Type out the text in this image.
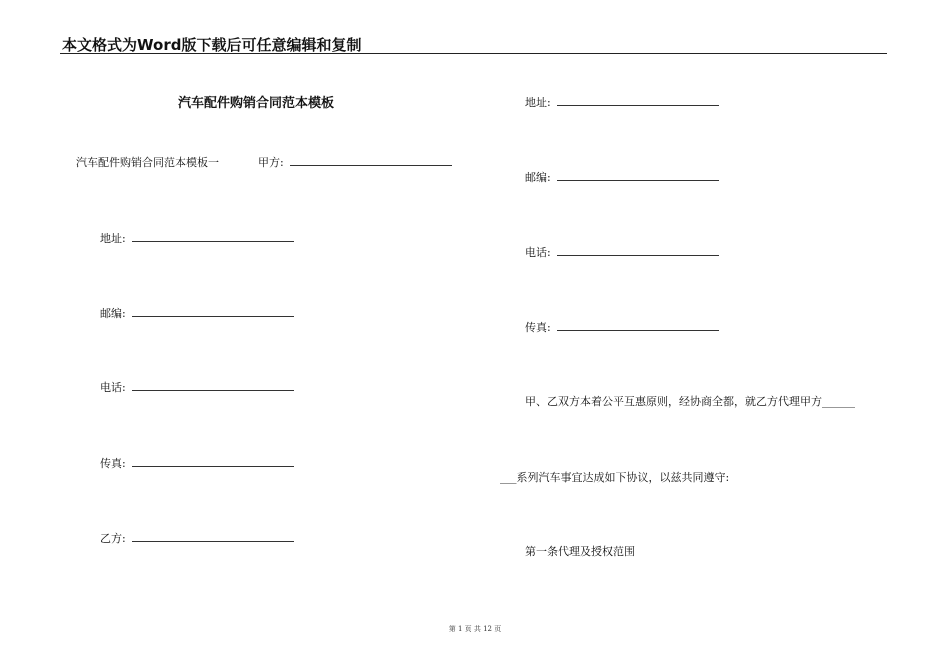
本文格式为Word版下载后可任意编辑和复制
汽车配件购销合同范本模板
汽车配件购销合同范本模板一	甲方:
地址:
邮编:
电话:
传真:
乙方:
地址:
邮编:
电话:
传真:
甲、乙双方本着公平互惠原则，经协商全都，就乙方代理甲方______
___系列汽车事宜达成如下协议，以兹共同遵守:
第一条代理及授权范围
第 1 页 共 12 页
